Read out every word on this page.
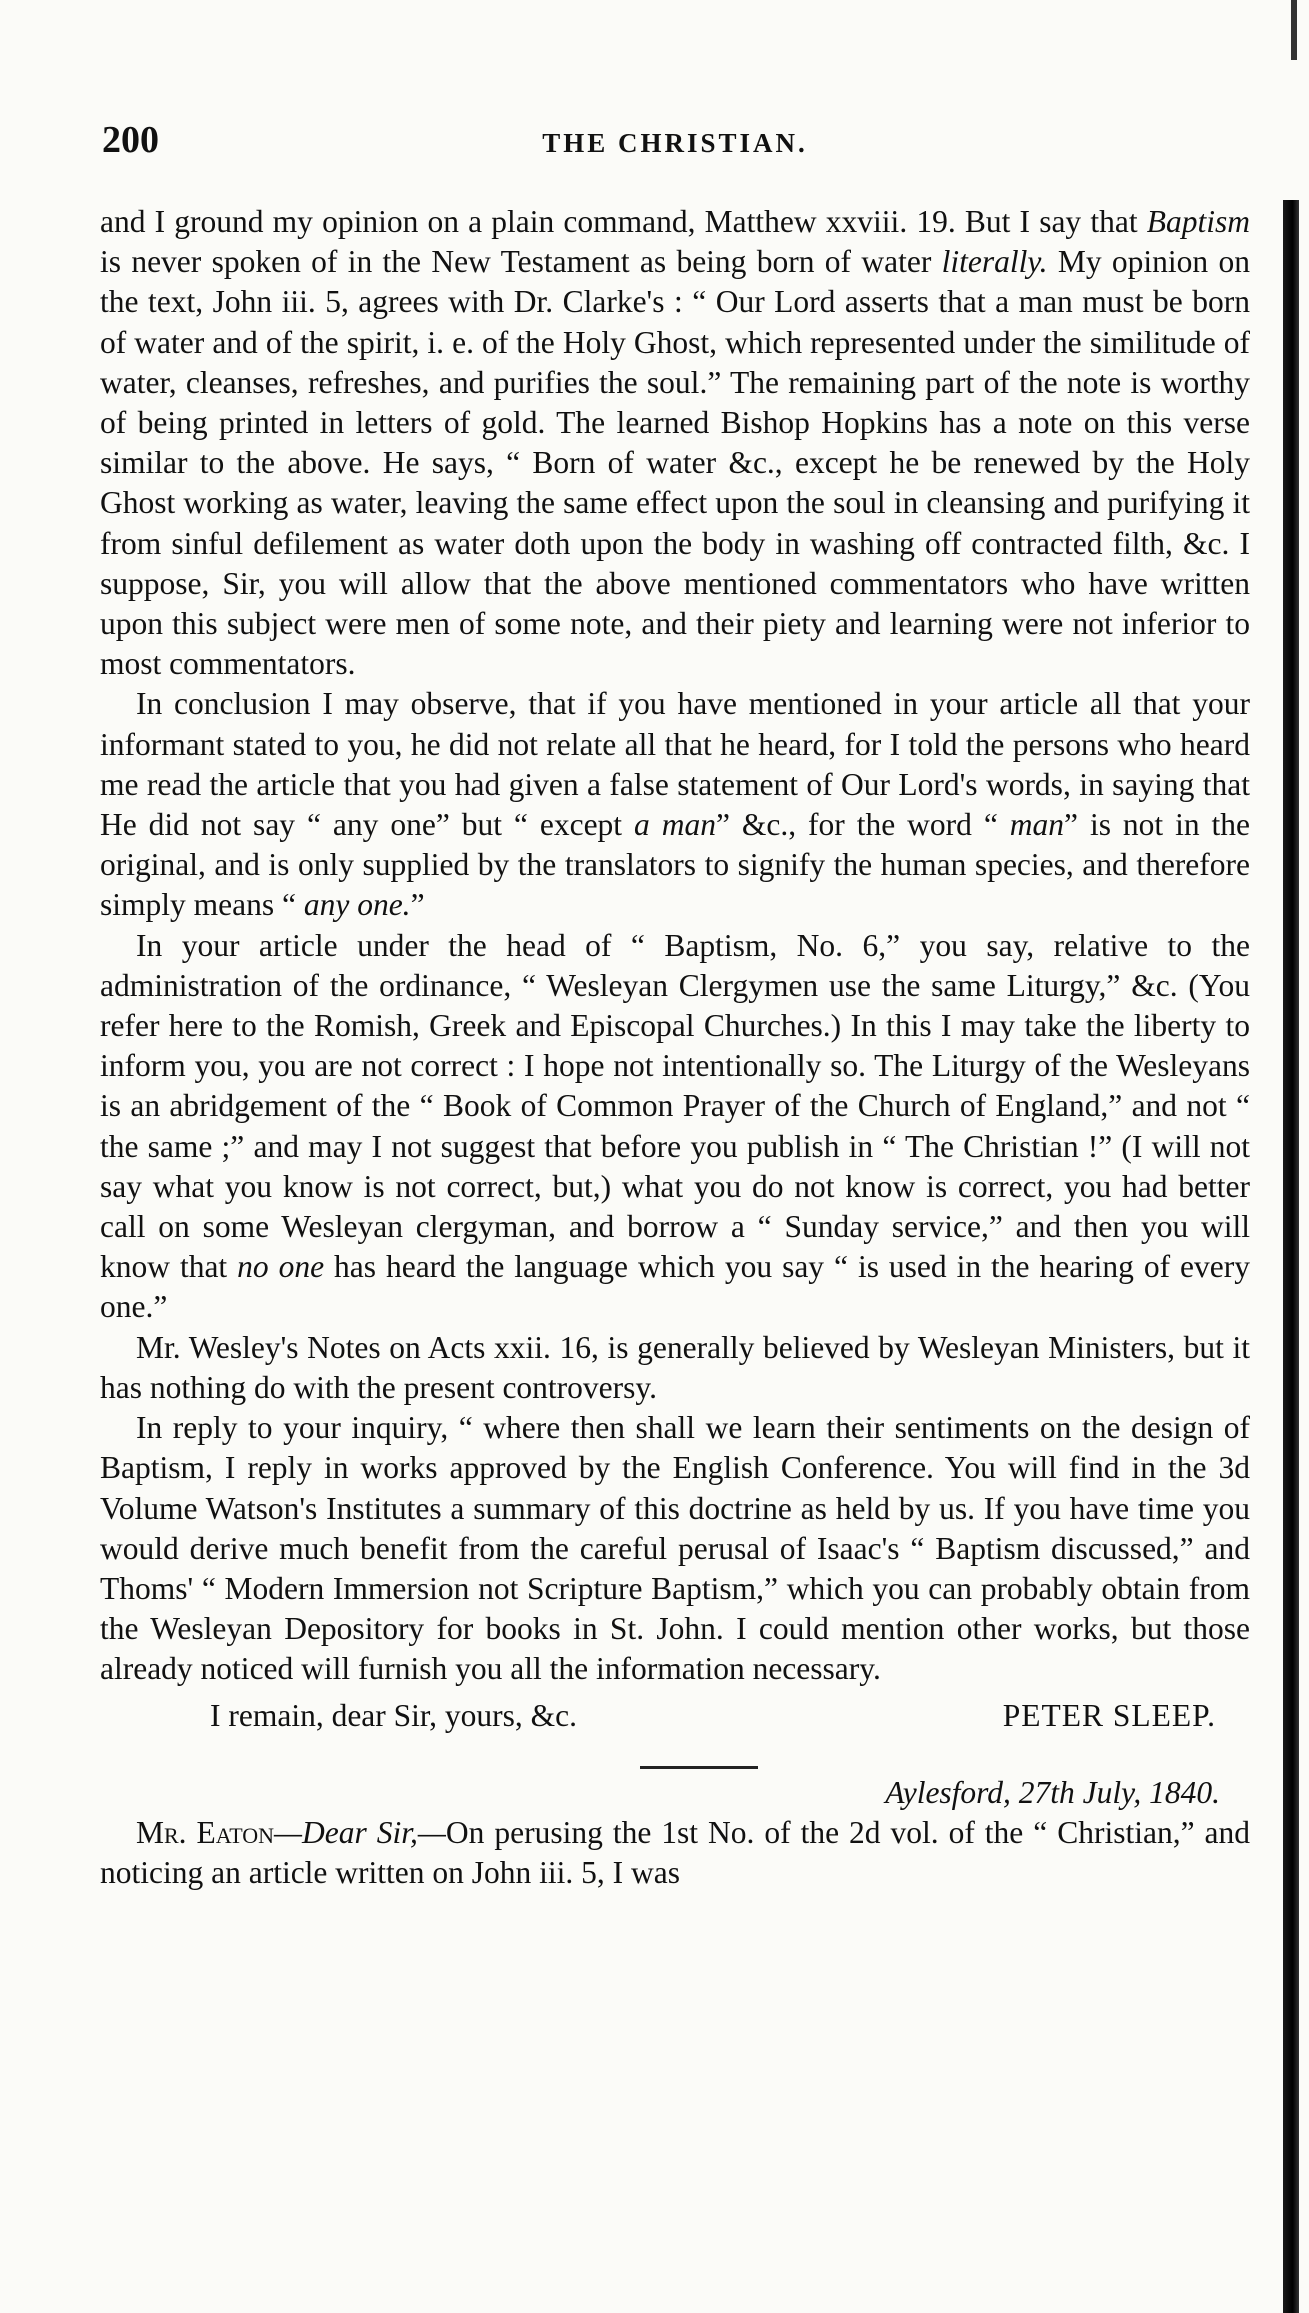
200	THE CHRISTIAN.

and I ground my opinion on a plain command, Matthew xxviii. 19. But I say that Baptism is never spoken of in the New Testament as being born of water literally. My opinion on the text, John iii. 5, agrees with Dr. Clarke's : “ Our Lord asserts that a man must be born of water and of the spirit, i. e. of the Holy Ghost, which represented under the similitude of water, cleanses, refreshes, and purifies the soul.” The remaining part of the note is worthy of being printed in letters of gold. The learned Bishop Hopkins has a note on this verse similar to the above. He says, “ Born of water &c., except he be renewed by the Holy Ghost working as water, leaving the same effect upon the soul in cleansing and purifying it from sinful defilement as water doth upon the body in washing off contracted filth, &c. I suppose, Sir, you will allow that the above mentioned commentators who have written upon this subject were men of some note, and their piety and learning were not inferior to most commentators.

In conclusion I may observe, that if you have mentioned in your article all that your informant stated to you, he did not relate all that he heard, for I told the persons who heard me read the article that you had given a false statement of Our Lord's words, in saying that He did not say “ any one” but “ except a man” &c., for the word “ man” is not in the original, and is only supplied by the translators to signify the human species, and therefore simply means “ any one.”

In your article under the head of “ Baptism, No. 6,” you say, relative to the administration of the ordinance, “ Wesleyan Clergymen use the same Liturgy,” &c. (You refer here to the Romish, Greek and Episcopal Churches.) In this I may take the liberty to inform you, you are not correct : I hope not intentionally so. The Liturgy of the Wesleyans is an abridgement of the “ Book of Common Prayer of the Church of England,” and not “ the same ;” and may I not suggest that before you publish in “ The Christian !” (I will not say what you know is not correct, but,) what you do not know is correct, you had better call on some Wesleyan clergyman, and borrow a “ Sunday service,” and then you will know that no one has heard the language which you say “ is used in the hearing of every one.”

Mr. Wesley's Notes on Acts xxii. 16, is generally believed by Wesleyan Ministers, but it has nothing do with the present controversy.

In reply to your inquiry, “ where then shall we learn their sentiments on the design of Baptism, I reply in works approved by the English Conference. You will find in the 3d Volume Watson's Institutes a summary of this doctrine as held by us. If you have time you would derive much benefit from the careful perusal of Isaac's “ Baptism discussed,” and Thoms' “ Modern Immersion not Scripture Baptism,” which you can probably obtain from the Wesleyan Depository for books in St. John. I could mention other works, but those already noticed will furnish you all the information necessary.

I remain, dear Sir, yours, &c.	PETER SLEEP.
Aylesford, 27th July, 1840.

Mr. Eaton—Dear Sir,—On perusing the 1st No. of the 2d vol. of the “ Christian,” and noticing an article written on John iii. 5, I was
